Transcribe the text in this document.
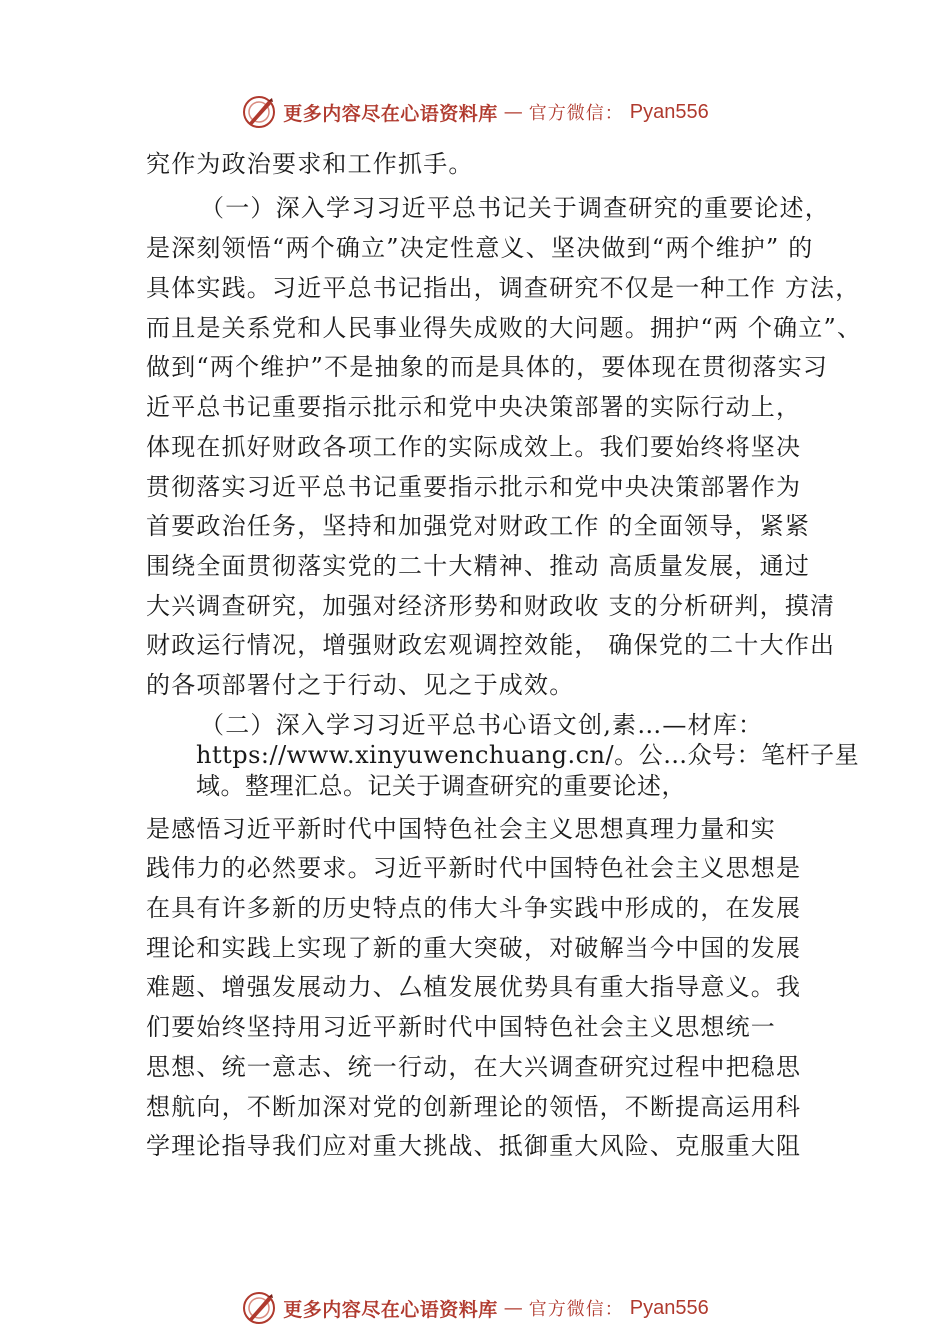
更多内容尽在心语资料库 — 官方微信： Pyan556
究作为政治要求和工作抓手。
（一）深入学习习近平总书记关于调查研究的重要论述，
是深刻领悟“两个确立”决定性意义、坚决做到“两个维护” 的
具体实践。习近平总书记指出，调查研究不仅是一种工作 方法，
而且是关系党和人民事业得失成败的大问题。拥护“两 个确立”、
做到“两个维护”不是抽象的而是具体的，要体现在贯彻落实习
近平总书记重要指示批示和党中央决策部署的实际行动上，
体现在抓好财政各项工作的实际成效上。我们要始终将坚决
贯彻落实习近平总书记重要指示批示和党中央决策部署作为
首要政治任务，坚持和加强党对财政工作 的全面领导，紧紧
围绕全面贯彻落实党的二十大精神、推动 高质量发展，通过
大兴调查研究，加强对经济形势和财政收 支的分析研判，摸清
财政运行情况，增强财政宏观调控效能， 确保党的二十大作出
的各项部署付之于行动、见之于成效。
（二）深入学习习近平总书心语文创,素…—材库：
https://www.xinyuwenchuang.cn/。公…众号：笔杆子星
域。整理汇总。记关于调查研究的重要论述，
是感悟习近平新时代中国特色社会主义思想真理力量和实
践伟力的必然要求。习近平新时代中国特色社会主义思想是
在具有许多新的历史特点的伟大斗争实践中形成的，在发展
理论和实践上实现了新的重大突破，对破解当今中国的发展
难题、增强发展动力、厶植发展优势具有重大指导意义。我
们要始终坚持用习近平新时代中国特色社会主义思想统一
思想、统一意志、统一行动，在大兴调查研究过程中把稳思
想航向，不断加深对党的创新理论的领悟，不断提高运用科
学理论指导我们应对重大挑战、抵御重大风险、克服重大阻
更多内容尽在心语资料库 — 官方微信： Pyan556
